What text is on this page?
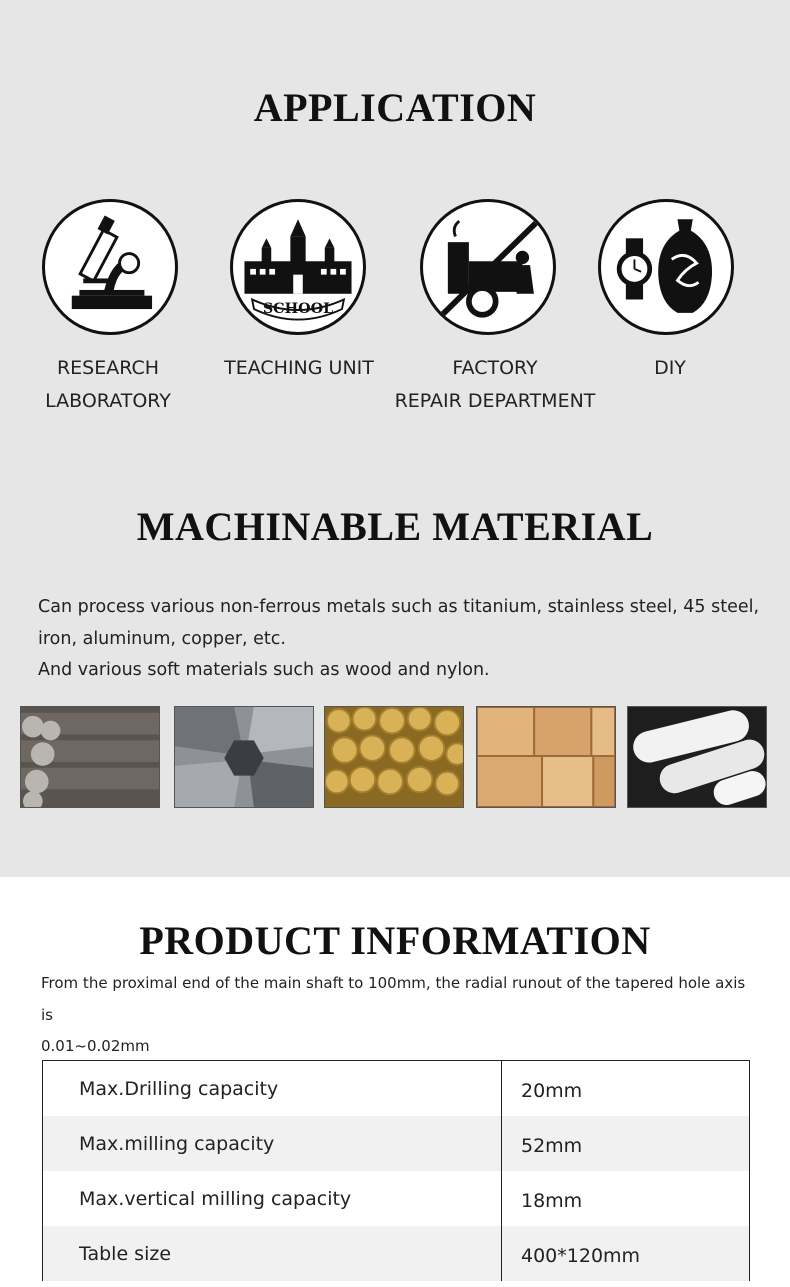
APPLICATION
RESEARCH
LABORATORY
SCHOOL
TEACHING UNIT	FACTORY
REPAIR DEPARTMENT
DIY
MACHINABLE MATERIAL

Can process various non-ferrous metals such as titanium, stainless steel, 45 steel,

iron, aluminum, copper, etc.

And various soft materials such as wood and nylon.

PRODUCT INFORMATION
From the proximal end of the main shaft to 100mm, the radial runout of the tapered hole axis is
0.01~0.02mm
Max.Drilling capacity	20mm
Max.milling capacity	52mm
Max.vertical milling capacity	18mm
Table size	400*120mm
